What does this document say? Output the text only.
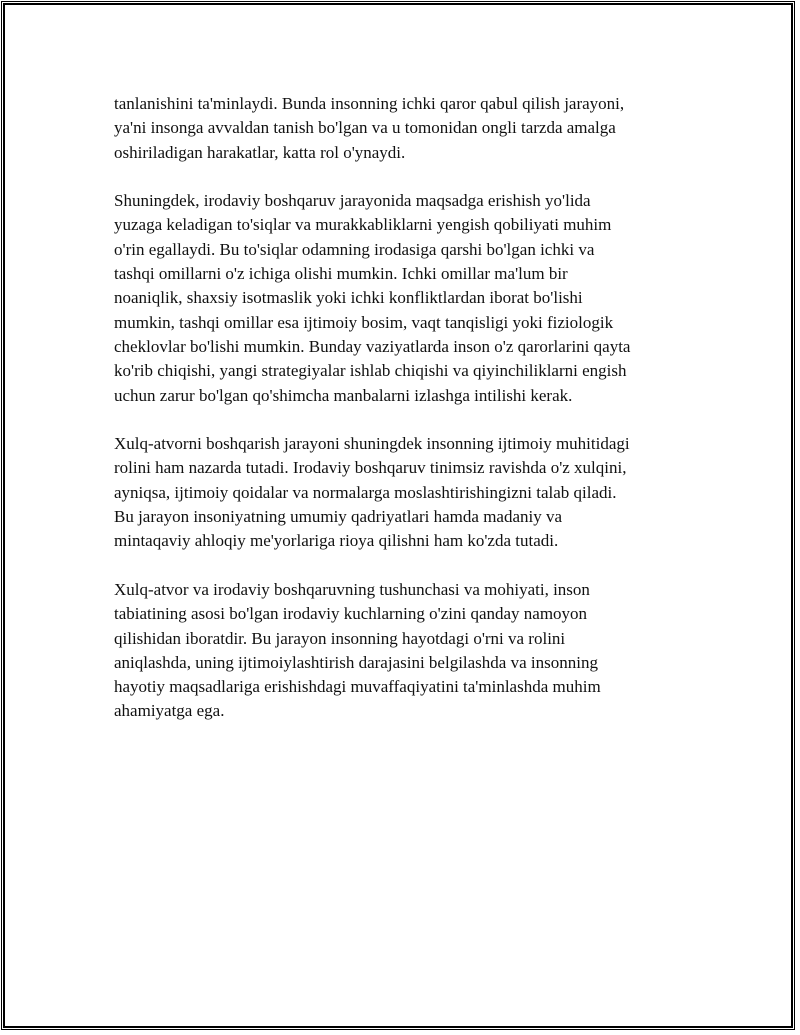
tanlanishini ta'minlaydi. Bunda insonning ichki qaror qabul qilish jarayoni,
ya'ni insonga avvaldan tanish bo'lgan va u tomonidan ongli tarzda amalga
oshiriladigan harakatlar, katta rol o'ynaydi.

Shuningdek, irodaviy boshqaruv jarayonida maqsadga erishish yo'lida
yuzaga keladigan to'siqlar va murakkabliklarni yengish qobiliyati muhim
o'rin egallaydi. Bu to'siqlar odamning irodasiga qarshi bo'lgan ichki va
tashqi omillarni o'z ichiga olishi mumkin. Ichki omillar ma'lum bir
noaniqlik, shaxsiy isotmaslik yoki ichki konfliktlardan iborat bo'lishi
mumkin, tashqi omillar esa ijtimoiy bosim, vaqt tanqisligi yoki fiziologik
cheklovlar bo'lishi mumkin. Bunday vaziyatlarda inson o'z qarorlarini qayta
ko'rib chiqishi, yangi strategiyalar ishlab chiqishi va qiyinchiliklarni engish
uchun zarur bo'lgan qo'shimcha manbalarni izlashga intilishi kerak.

Xulq-atvorni boshqarish jarayoni shuningdek insonning ijtimoiy muhitidagi
rolini ham nazarda tutadi. Irodaviy boshqaruv tinimsiz ravishda o'z xulqini,
ayniqsa, ijtimoiy qoidalar va normalarga moslashtirishingizni talab qiladi.
Bu jarayon insoniyatning umumiy qadriyatlari hamda madaniy va
mintaqaviy ahloqiy me'yorlariga rioya qilishni ham ko'zda tutadi.

Xulq-atvor va irodaviy boshqaruvning tushunchasi va mohiyati, inson
tabiatining asosi bo'lgan irodaviy kuchlarning o'zini qanday namoyon
qilishidan iboratdir. Bu jarayon insonning hayotdagi o'rni va rolini
aniqlashda, uning ijtimoiylashtirish darajasini belgilashda va insonning
hayotiy maqsadlariga erishishdagi muvaffaqiyatini ta'minlashda muhim
ahamiyatga ega.
